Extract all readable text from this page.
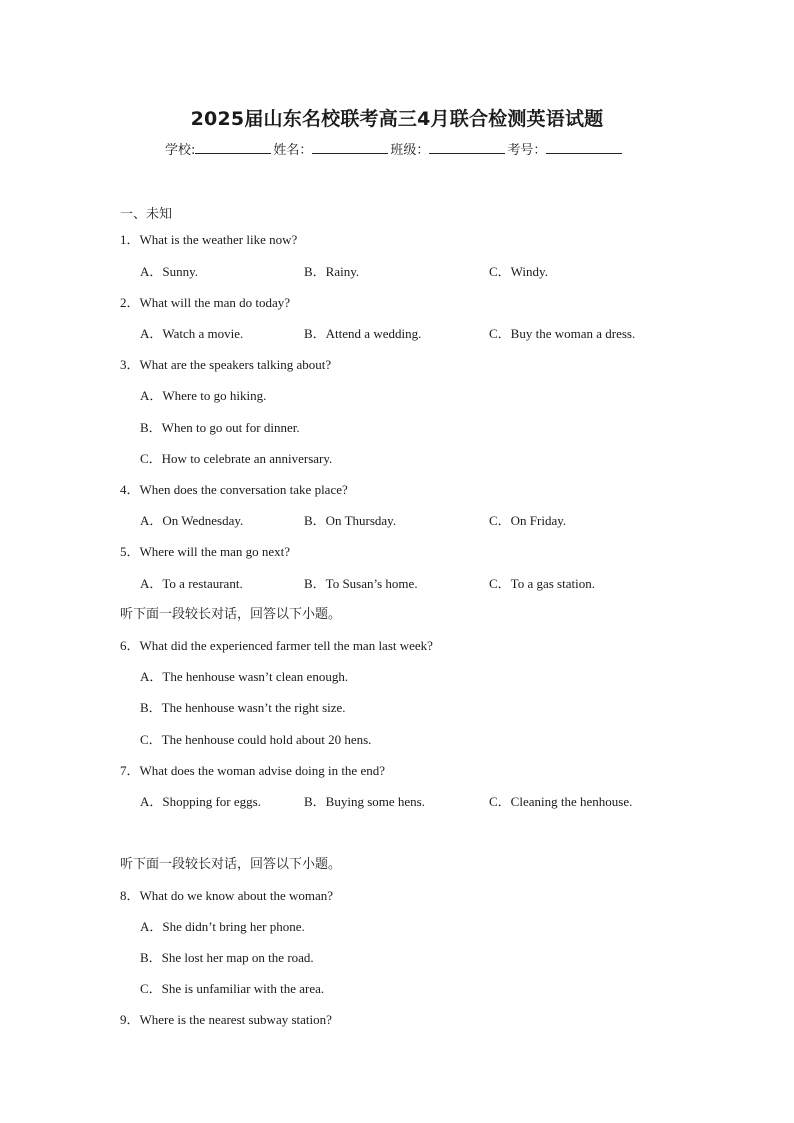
2025届山东名校联考高三4月联合检测英语试题
学校:	姓名：	班级：	考号：
一、未知
1．What is the weather like now?
A．Sunny.	B．Rainy.	C．Windy.
2．What will the man do today?
A．Watch a movie.	B．Attend a wedding.	C．Buy the woman a dress.
3．What are the speakers talking about?
A．Where to go hiking.
B．When to go out for dinner.
C．How to celebrate an anniversary.
4．When does the conversation take place?
A．On Wednesday.	B．On Thursday.	C．On Friday.
5．Where will the man go next?
A．To a restaurant.	B．To Susan’s home.	C．To a gas station.
听下面一段较长对话，回答以下小题。
6．What did the experienced farmer tell the man last week?
A．The henhouse wasn’t clean enough.
B．The henhouse wasn’t the right size.
C．The henhouse could hold about 20 hens.
7．What does the woman advise doing in the end?
A．Shopping for eggs.	B．Buying some hens.	C．Cleaning the henhouse.
听下面一段较长对话，回答以下小题。
8．What do we know about the woman?
A．She didn’t bring her phone.
B．She lost her map on the road.
C．She is unfamiliar with the area.
9．Where is the nearest subway station?
